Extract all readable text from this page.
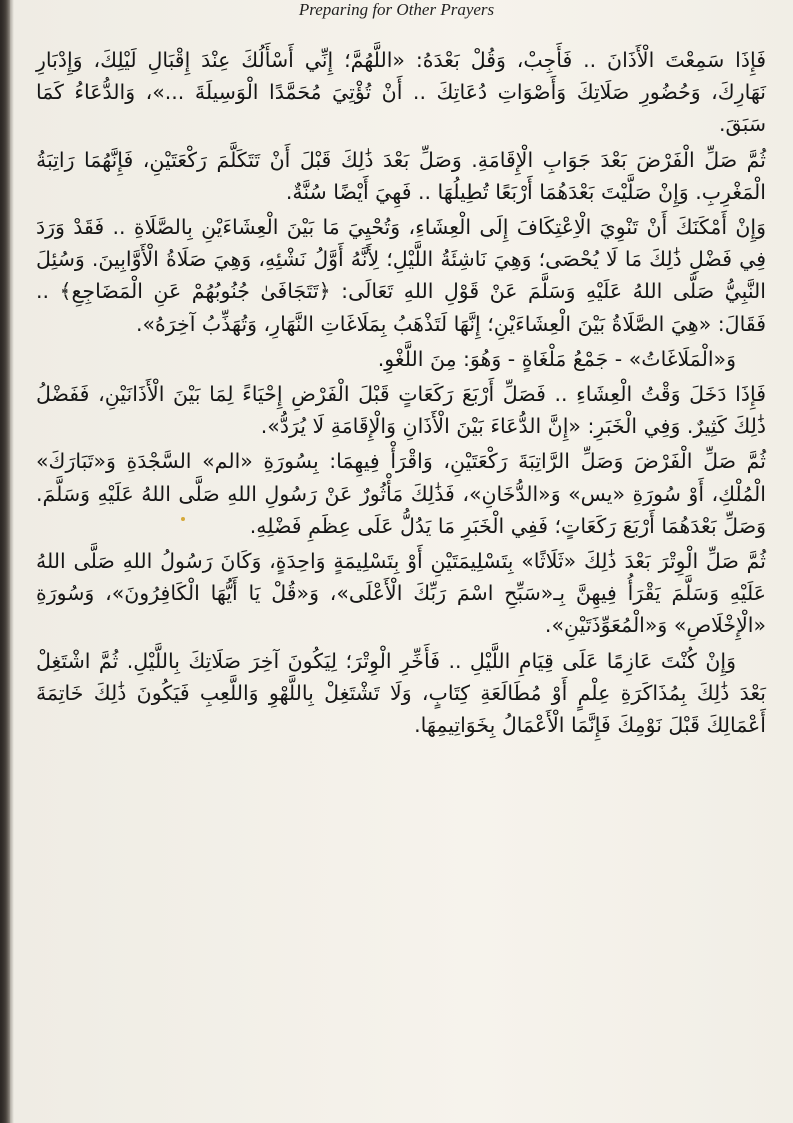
Preparing for Other Prayers

فَإِذَا سَمِعْتَ الْأَذَانَ .. فَأَجِبْ، وَقُلْ بَعْدَهُ: «اللَّهُمَّ؛ إِنِّي أَسْأَلُكَ عِنْدَ إِقْبَالِ لَيْلِكَ، وَإِدْبَارِ نَهَارِكَ، وَحُضُورِ صَلَاتِكَ وَأَصْوَاتِ دُعَاتِكَ .. أَنْ تُؤْتِيَ مُحَمَّدًا الْوَسِيلَةَ ...»، وَالدُّعَاءُ كَمَا سَبَقَ.

ثُمَّ صَلِّ الْفَرْضَ بَعْدَ جَوَابِ الْإِقَامَةِ. وَصَلِّ بَعْدَ ذَٰلِكَ قَبْلَ أَنْ تَتَكَلَّمَ رَكْعَتَيْنِ، فَإِنَّهُمَا رَاتِبَةُ الْمَغْرِبِ. وَإِنْ صَلَّيْتَ بَعْدَهُمَا أَرْبَعًا تُطِيلُهَا .. فَهِيَ أَيْضًا سُنَّةٌ.

وَإِنْ أَمْكَنَكَ أَنْ تَنْوِيَ الْاِعْتِكَافَ إِلَى الْعِشَاءِ، وَتُحْيِيَ مَا بَيْنَ الْعِشَاءَيْنِ بِالصَّلَاةِ .. فَقَدْ وَرَدَ فِي فَضْلِ ذَٰلِكَ مَا لَا يُحْصَى؛ وَهِيَ نَاشِئَةُ اللَّيْلِ؛ لِأَنَّهُ أَوَّلُ نَشْئِهِ، وَهِيَ صَلَاةُ الْأَوَّابِينَ. وَسُئِلَ النَّبِيُّ صَلَّى اللهُ عَلَيْهِ وَسَلَّمَ عَنْ قَوْلِ اللهِ تَعَالَى: ﴿تَتَجَافَىٰ جُنُوبُهُمْ عَنِ الْمَضَاجِعِ﴾ .. فَقَالَ: «هِيَ الصَّلَاةُ بَيْنَ الْعِشَاءَيْنِ؛ إِنَّهَا لَتَذْهَبُ بِمَلَاغَاتِ النَّهَارِ، وَتُهَذِّبُ آخِرَهُ».

وَ«الْمَلَاغَاتُ» - جَمْعُ مَلْغَاةٍ - وَهُوَ: مِنَ اللَّغْوِ.

فَإِذَا دَخَلَ وَقْتُ الْعِشَاءِ .. فَصَلِّ أَرْبَعَ رَكَعَاتٍ قَبْلَ الْفَرْضِ إِحْيَاءً لِمَا بَيْنَ الْأَذَانَيْنِ، فَفَضْلُ ذَٰلِكَ كَثِيرٌ. وَفِي الْخَبَرِ: «إِنَّ الدُّعَاءَ بَيْنَ الْأَذَانِ وَالْإِقَامَةِ لَا يُرَدُّ».

ثُمَّ صَلِّ الْفَرْضَ وَصَلِّ الرَّاتِبَةَ رَكْعَتَيْنِ، وَاقْرَأْ فِيهِمَا: بِسُورَةِ «الم» السَّجْدَةِ وَ«تَبَارَكَ» الْمُلْكِ، أَوْ سُورَةِ «يس» وَ«الدُّخَانِ»، فَذَٰلِكَ مَأْثُورٌ عَنْ رَسُولِ اللهِ صَلَّى اللهُ عَلَيْهِ وَسَلَّمَ. وَصَلِّ بَعْدَهُمَا أَرْبَعَ رَكَعَاتٍ؛ فَفِي الْخَبَرِ مَا يَدُلُّ عَلَى عِظَمِ فَضْلِهِ.

ثُمَّ صَلِّ الْوِتْرَ بَعْدَ ذَٰلِكَ «ثَلَاثًا» بِتَسْلِيمَتَيْنِ أَوْ بِتَسْلِيمَةٍ وَاحِدَةٍ، وَكَانَ رَسُولُ اللهِ صَلَّى اللهُ عَلَيْهِ وَسَلَّمَ يَقْرَأُ فِيهِنَّ بِـ«سَبِّحِ اسْمَ رَبِّكَ الْأَعْلَى»، وَ«قُلْ يَا أَيُّهَا الْكَافِرُونَ»، وَسُورَةِ «الْإِخْلَاصِ» وَ«الْمُعَوِّذَتَيْنِ».

وَإِنْ كُنْتَ عَازِمًا عَلَى قِيَامِ اللَّيْلِ .. فَأَخِّرِ الْوِتْرَ؛ لِيَكُونَ آخِرَ صَلَاتِكَ بِاللَّيْلِ. ثُمَّ اشْتَغِلْ بَعْدَ ذَٰلِكَ بِمُذَاكَرَةِ عِلْمٍ أَوْ مُطَالَعَةِ كِتَابٍ، وَلَا تَشْتَغِلْ بِاللَّهْوِ وَاللَّعِبِ فَيَكُونَ ذَٰلِكَ خَاتِمَةَ أَعْمَالِكَ قَبْلَ نَوْمِكَ فَإِنَّمَا الْأَعْمَالُ بِخَوَاتِيمِهَا.
